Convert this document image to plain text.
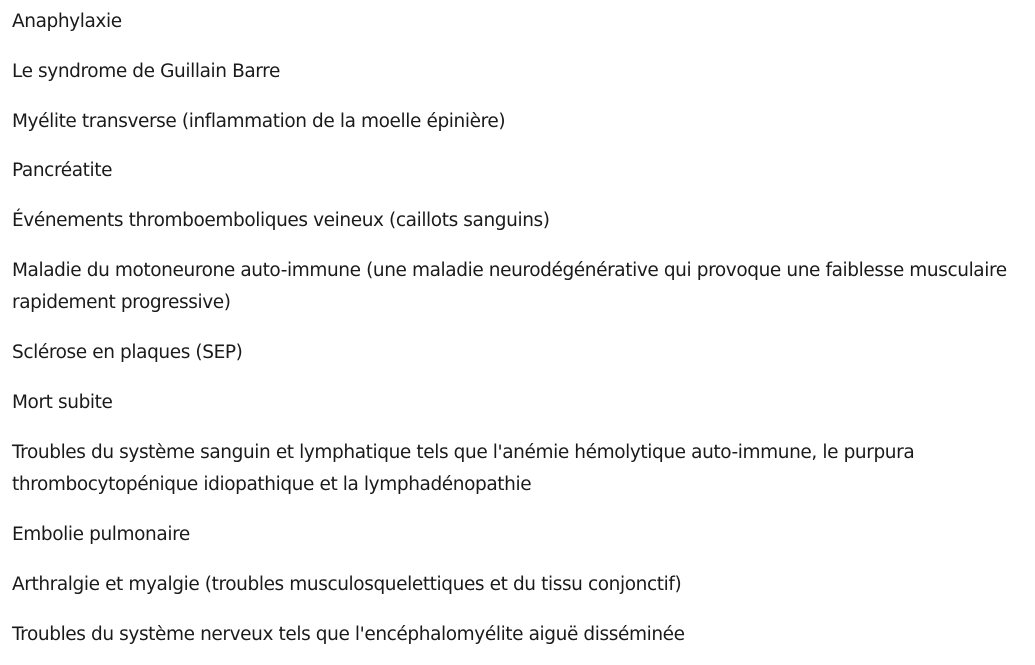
Anaphylaxie
Le syndrome de Guillain Barre
Myélite transverse (inflammation de la moelle épinière)
Pancréatite
Événements thromboemboliques veineux (caillots sanguins)
Maladie du motoneurone auto-immune (une maladie neurodégénérative qui provoque une faiblesse musculaire rapidement progressive)
Sclérose en plaques (SEP)
Mort subite
Troubles du système sanguin et lymphatique tels que l'anémie hémolytique auto-immune, le purpura thrombocytopénique idiopathique et la lymphadénopathie
Embolie pulmonaire
Arthralgie et myalgie (troubles musculosquelettiques et du tissu conjonctif)
Troubles du système nerveux tels que l'encéphalomyélite aiguë disséminée
